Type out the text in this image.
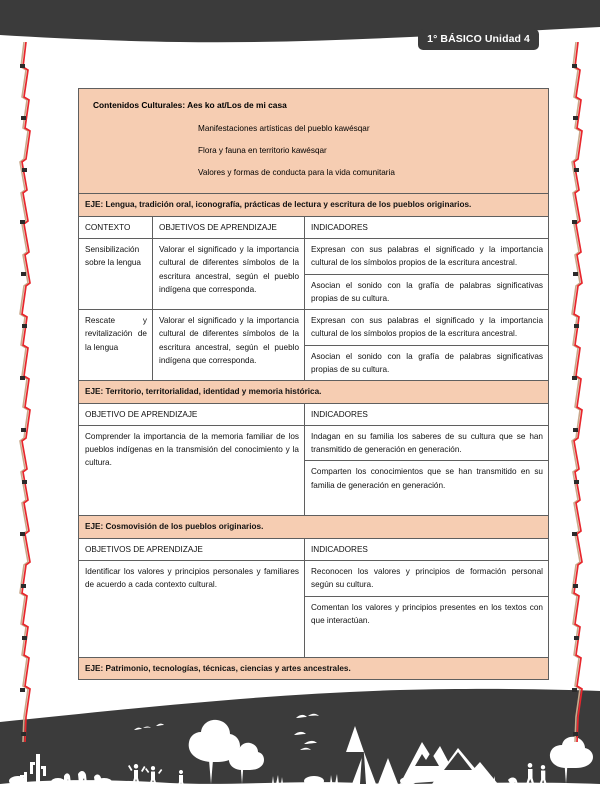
1° BÁSICO Unidad 4
Contenidos Culturales: Aes ko at/Los de mi casa
Manifestaciones artísticas del pueblo kawésqar
Flora y fauna en territorio kawésqar
Valores y formas de conducta para la vida comunitaria		

EJE: Lengua, tradición oral, iconografía, prácticas de lectura y escritura de los pueblos originarios.		
CONTEXTO	OBJETIVOS DE APRENDIZAJE	INDICADORES
Sensibilización sobre la lengua	Valorar el significado y la importancia cultural de diferentes símbolos de la escritura ancestral, según el pueblo indígena que corresponda.	Expresan con sus palabras el significado y la importancia cultural de los símbolos propios de la escritura ancestral.
		Asocian el sonido con la grafía de palabras significativas propias de su cultura.
Rescate y revitalización de la lengua	Valorar el significado y la importancia cultural de diferentes símbolos de la escritura ancestral, según el pueblo indígena que corresponda.	Expresan con sus palabras el significado y la importancia cultural de los símbolos propios de la escritura ancestral.
		Asocian el sonido con la grafía de palabras significativas propias de su cultura.
EJE: Territorio, territorialidad, identidad y memoria histórica.		
OBJETIVO DE APRENDIZAJE		INDICADORES
Comprender la importancia de la memoria familiar de los pueblos indígenas en la transmisión del conocimiento y la cultura.		Indagan en su familia los saberes de su cultura que se han transmitido de generación en generación.
		Comparten los conocimientos que se han transmitido en su familia de generación en generación.
EJE: Cosmovisión de los pueblos originarios.		
OBJETIVOS DE APRENDIZAJE		INDICADORES
Identificar los valores y principios personales y familiares de acuerdo a cada contexto cultural.		Reconocen los valores y principios de formación personal según su cultura.
		Comentan los valores y principios presentes en los textos con que interactúan.
EJE: Patrimonio, tecnologías, técnicas, ciencias y artes ancestrales.		
